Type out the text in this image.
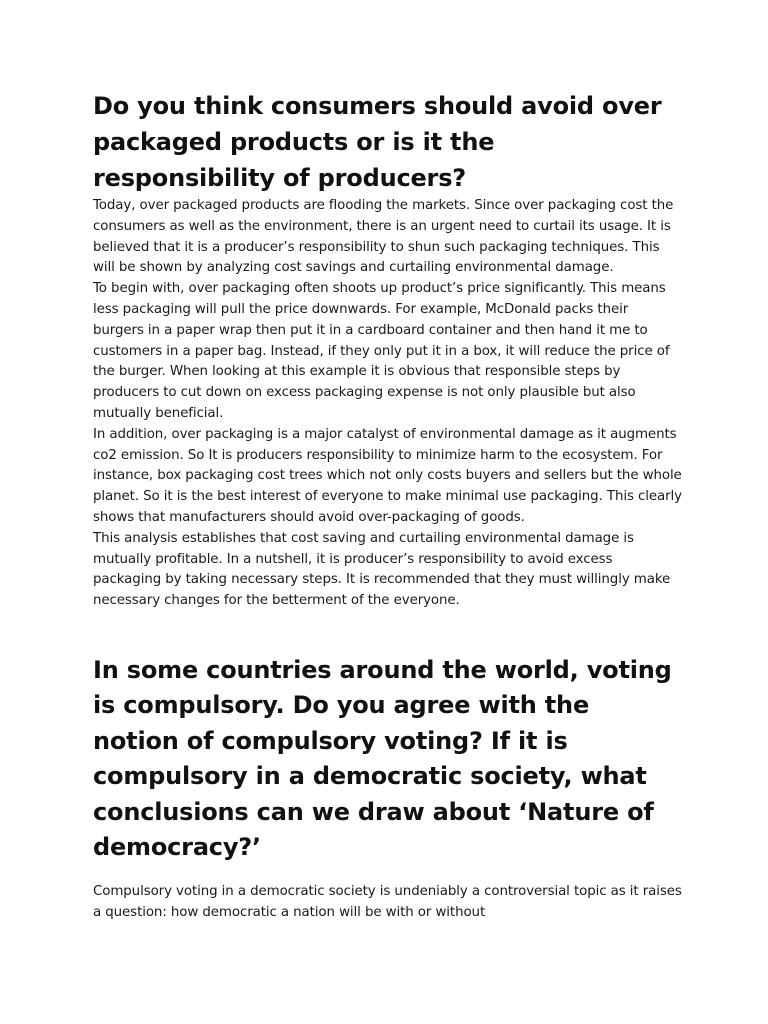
Do you think consumers should avoid over packaged products or is it the responsibility of producers?

Today, over packaged products are flooding the markets. Since over packaging cost the consumers as well as the environment, there is an urgent need to curtail its usage. It is believed that it is a producer’s responsibility to shun such packaging techniques. This will be shown by analyzing cost savings and curtailing environmental damage.

To begin with, over packaging often shoots up product’s price significantly. This means less packaging will pull the price downwards. For example, McDonald packs their burgers in a paper wrap then put it in a cardboard container and then hand it me to customers in a paper bag. Instead, if they only put it in a box, it will reduce the price of the burger. When looking at this example it is obvious that responsible steps by producers to cut down on excess packaging expense is not only plausible but also mutually beneficial.

In addition, over packaging is a major catalyst of environmental damage as it augments co2 emission. So It is producers responsibility to minimize harm to the ecosystem. For instance, box packaging cost trees which not only costs buyers and sellers but the whole planet. So it is the best interest of everyone to make minimal use packaging. This clearly shows that manufacturers should avoid over-packaging of goods.

This analysis establishes that cost saving and curtailing environmental damage is mutually profitable. In a nutshell, it is producer’s responsibility to avoid excess packaging by taking necessary steps. It is recommended that they must willingly make necessary changes for the betterment of the everyone.

In some countries around the world, voting is compulsory. Do you agree with the notion of compulsory voting? If it is compulsory in a democratic society, what conclusions can we draw about ‘Nature of democracy?’

Compulsory voting in a democratic society is undeniably a controversial topic as it raises a question: how democratic a nation will be with or without
